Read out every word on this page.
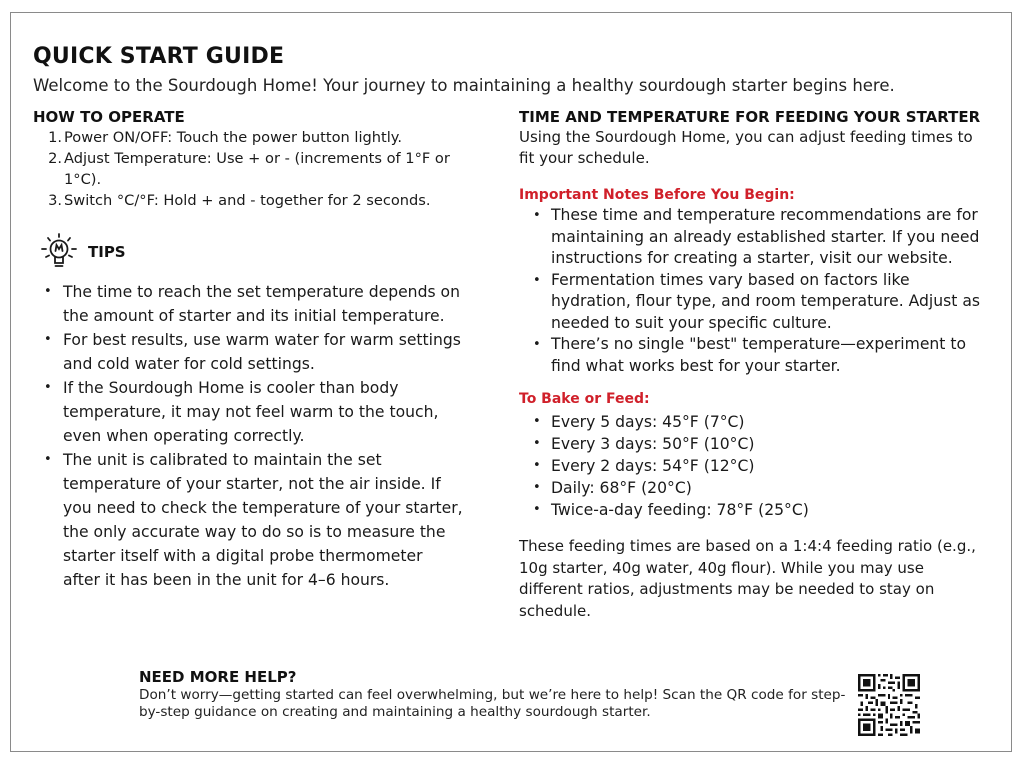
QUICK START GUIDE
Welcome to the Sourdough Home! Your journey to maintaining a healthy sourdough starter begins here.
HOW TO OPERATE
1. Power ON/OFF: Touch the power button lightly.
2. Adjust Temperature: Use + or - (increments of 1°F or 1°C).
3. Switch °C/°F: Hold + and - together for 2 seconds.
TIPS
• The time to reach the set temperature depends on the amount of starter and its initial temperature.
• For best results, use warm water for warm settings and cold water for cold settings.
• If the Sourdough Home is cooler than body temperature, it may not feel warm to the touch, even when operating correctly.
• The unit is calibrated to maintain the set temperature of your starter, not the air inside. If you need to check the temperature of your starter, the only accurate way to do so is to measure the starter itself with a digital probe thermometer after it has been in the unit for 4–6 hours.
TIME AND TEMPERATURE FOR FEEDING YOUR STARTER
Using the Sourdough Home, you can adjust feeding times to fit your schedule.
Important Notes Before You Begin:
• These time and temperature recommendations are for maintaining an already established starter. If you need instructions for creating a starter, visit our website.
• Fermentation times vary based on factors like hydration, flour type, and room temperature. Adjust as needed to suit your specific culture.
• There’s no single "best" temperature—experiment to find what works best for your starter.
To Bake or Feed:
• Every 5 days: 45°F (7°C)
• Every 3 days: 50°F (10°C)
• Every 2 days: 54°F (12°C)
• Daily: 68°F (20°C)
• Twice-a-day feeding: 78°F (25°C)
These feeding times are based on a 1:4:4 feeding ratio (e.g., 10g starter, 40g water, 40g flour). While you may use different ratios, adjustments may be needed to stay on schedule.
NEED MORE HELP?
Don’t worry—getting started can feel overwhelming, but we’re here to help! Scan the QR code for step-by-step guidance on creating and maintaining a healthy sourdough starter.
